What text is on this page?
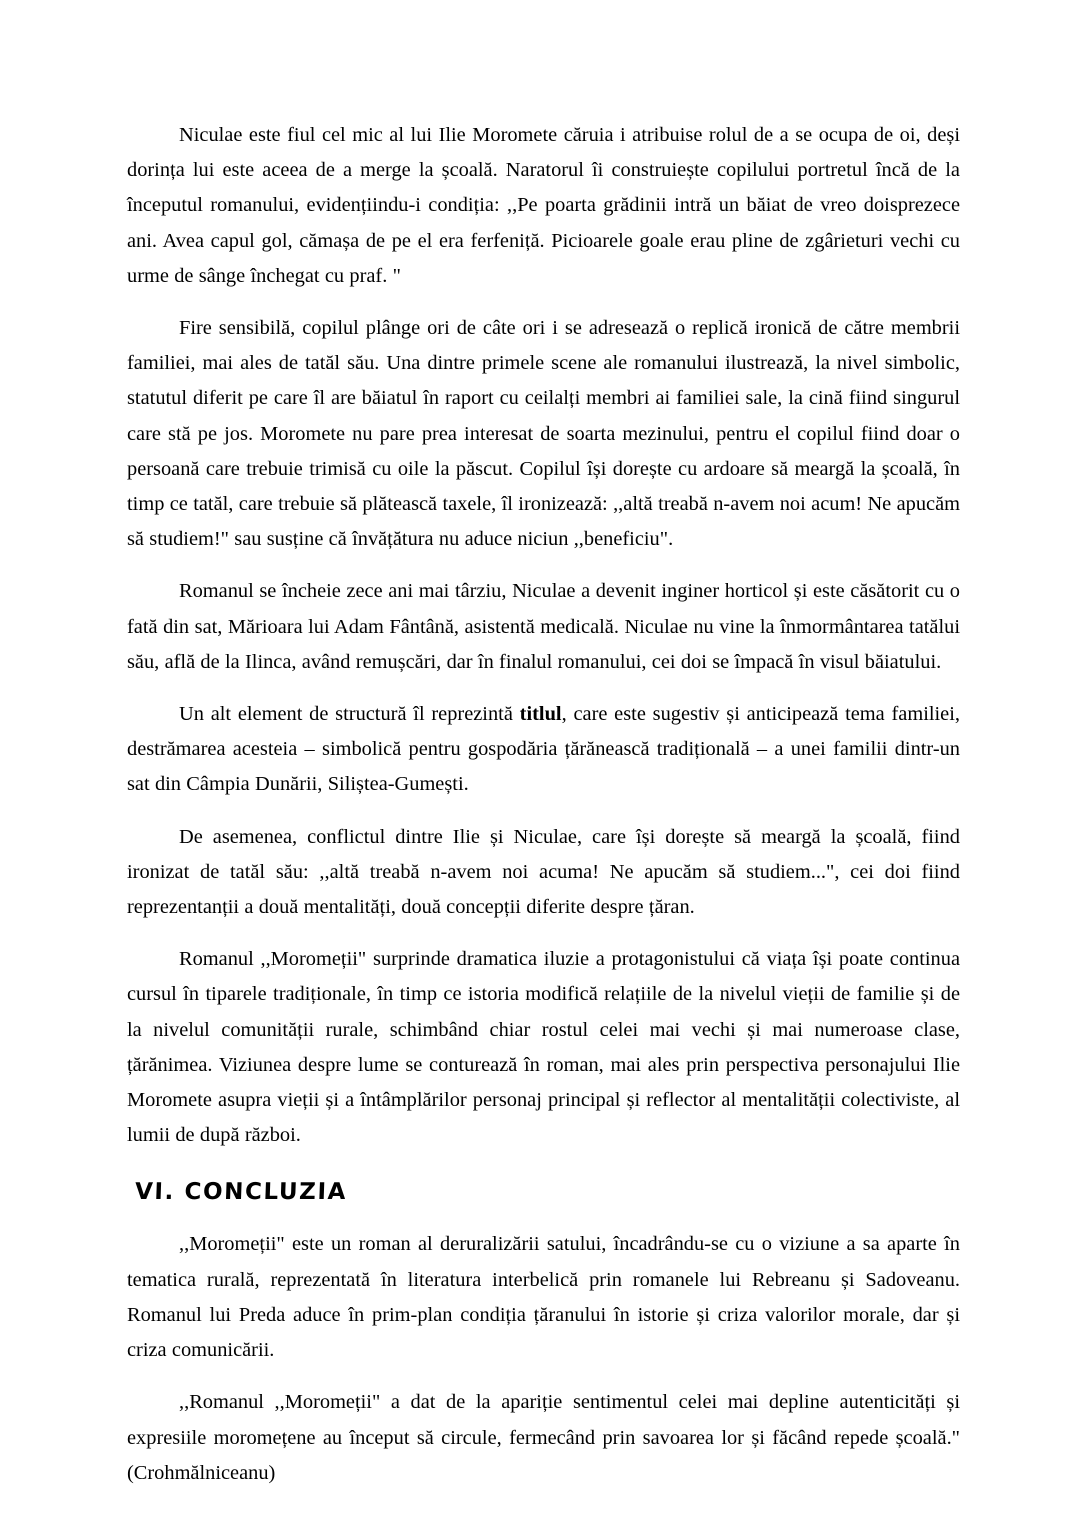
Niculae este fiul cel mic al lui Ilie Moromete căruia i atribuise rolul de a se ocupa de oi, deși dorința lui este aceea de a merge la școală. Naratorul îi construiește copilului portretul încă de la începutul romanului, evidențiindu-i condiția: ,,Pe poarta grădinii intră un băiat de vreo doisprezece ani. Avea capul gol, cămașa de pe el era ferfeniță. Picioarele goale erau pline de zgârieturi vechi cu urme de sânge închegat cu praf. "

Fire sensibilă, copilul plânge ori de câte ori i se adresează o replică ironică de către membrii familiei, mai ales de tatăl său. Una dintre primele scene ale romanului ilustrează, la nivel simbolic, statutul diferit pe care îl are băiatul în raport cu ceilalți membri ai familiei sale, la cină fiind singurul care stă pe jos. Moromete nu pare prea interesat de soarta mezinului, pentru el copilul fiind doar o persoană care trebuie trimisă cu oile la păscut. Copilul își dorește cu ardoare să meargă la școală, în timp ce tatăl, care trebuie să plătească taxele, îl ironizează: ,,altă treabă n-avem noi acum! Ne apucăm să studiem!" sau susține că învățătura nu aduce niciun ,,beneficiu".

Romanul se încheie zece ani mai târziu, Niculae a devenit inginer horticol și este căsătorit cu o fată din sat, Mărioara lui Adam Fântână, asistentă medicală. Niculae nu vine la înmormântarea tatălui său, află de la Ilinca, având remușcări, dar în finalul romanului, cei doi se împacă în visul băiatului.

Un alt element de structură îl reprezintă titlul, care este sugestiv și anticipează tema familiei, destrămarea acesteia – simbolică pentru gospodăria țărănească tradițională – a unei familii dintr-un sat din Câmpia Dunării, Siliștea-Gumești.

De asemenea, conflictul dintre Ilie și Niculae, care își dorește să meargă la școală, fiind ironizat de tatăl său: ,,altă treabă n-avem noi acuma! Ne apucăm să studiem...", cei doi fiind reprezentanții a două mentalități, două concepții diferite despre țăran.

Romanul ,,Moromeții" surprinde dramatica iluzie a protagonistului că viața își poate continua cursul în tiparele tradiționale, în timp ce istoria modifică relațiile de la nivelul vieții de familie și de la nivelul comunității rurale, schimbând chiar rostul celei mai vechi și mai numeroase clase, țărănimea. Viziunea despre lume se conturează în roman, mai ales prin perspectiva personajului Ilie Moromete asupra vieții și a întâmplărilor personaj principal și reflector al mentalității colectiviste, al lumii de după război.

VI. CONCLUZIA

,,Moromeții" este un roman al deruralizării satului, încadrându-se cu o viziune a sa aparte în tematica rurală, reprezentată în literatura interbelică prin romanele lui Rebreanu și Sadoveanu. Romanul lui Preda aduce în prim-plan condiția țăranului în istorie și criza valorilor morale, dar și criza comunicării.

,,Romanul ,,Moromeții" a dat de la apariție sentimentul celei mai depline autenticități și expresiile moromețene au început să circule, fermecând prin savoarea lor și făcând repede școală." (Crohmălniceanu)
